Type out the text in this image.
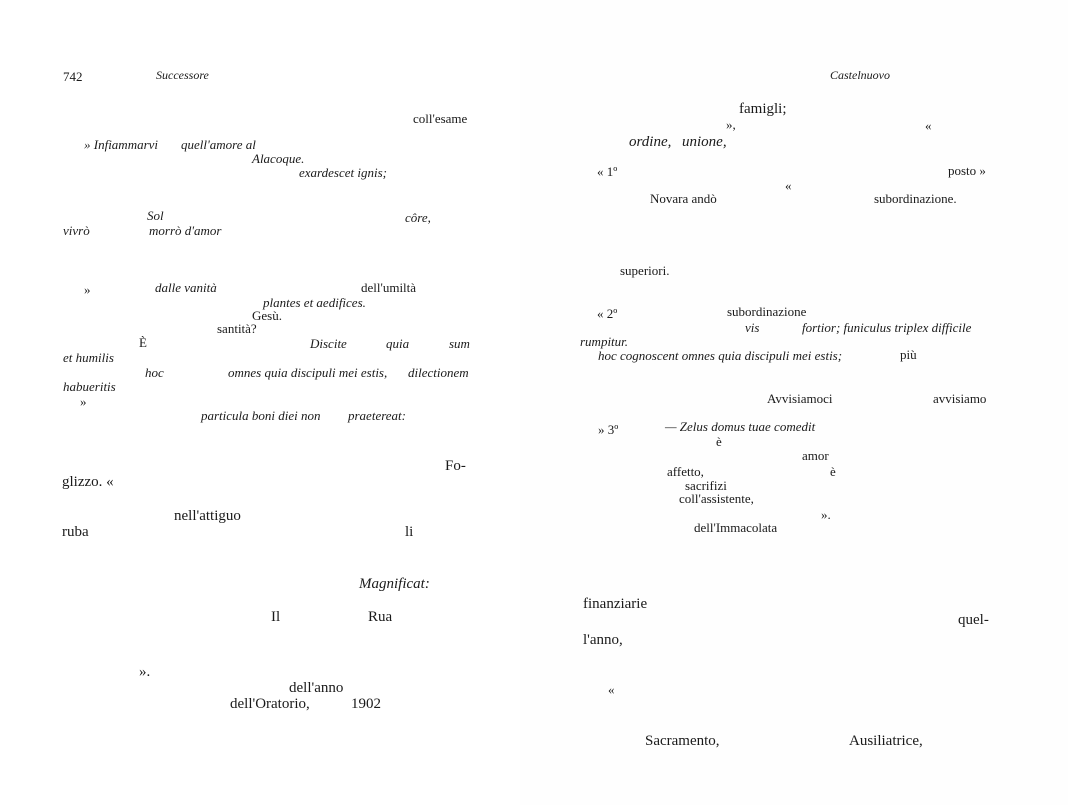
742	Successore
coll'esame
» Infiammarvi quell'amore al
Alacoque.
exardescet ignis;
Sol	côre,
vivrò	morrò d'amor
»	dalle vanità	dell'umiltà
plantes et aedifices.
Gesù.
santità?
È	Discite	quia	sum
et humilis
hoc	omnes quia discipuli mei estis, dilectionem
habueritis
»
particula boni diei non praetereat:
Fo-
glizzo. «
nell'attiguo
ruba	li
Magnificat:
Il	Rua
».
dell'anno
dell'Oratorio,	1902
Castelnuovo
famigli;
»,	«
ordine, unione,
« 1º	posto »
«
Novara andò	subordinazione.
superiori.
« 2º	subordinazione
vis	fortior; funiculus triplex difficile
rumpitur.
hoc cognoscent omnes quia discipuli mei estis;	più
Avvisiamoci	avvisiamo
» 3º	— Zelus domus tuae comedit
è
amor
affetto,	è
sacrifizi
coll'assistente,
».
dell'Immacolata
finanziarie
quel-
l'anno,
«
Sacramento,	Ausiliatrice,
